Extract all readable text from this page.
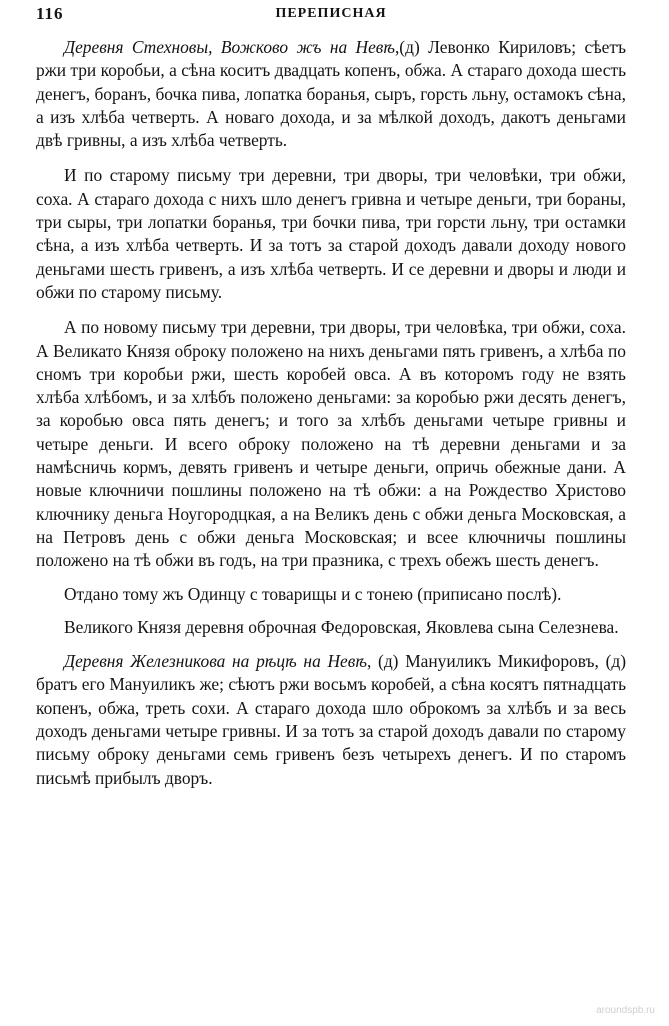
116	ПЕРЕПИСНАЯ

Деревня Стехновы, Вожково жъ на Невѣ,(д) Левонко Кириловъ; сѣетъ ржи три коробьи, а сѣна коситъ двадцать копенъ, обжа. А стараго дохода шесть денегъ, боранъ, бочка пива, лопатка боранья, сыръ, горсть льну, остамокъ сѣна, а изъ хлѣба четверть. А новаго дохода, и за мѣлкой доходъ, дакотъ деньгами двѣ гривны, а изъ хлѣба четверть.

И по старому письму три деревни, три дворы, три человѣки, три обжи, соха. А стараго дохода с нихъ шло денегъ гривна и четыре деньги, три бораны, три сыры, три лопатки боранья, три бочки пива, три горсти льну, три остамки сѣна, а изъ хлѣба четверть. И за тотъ за старой доходъ давали доходу нового деньгами шесть гривенъ, а изъ хлѣба четверть. И се деревни и дворы и люди и обжи по старому письму.

А по новому письму три деревни, три дворы, три человѣка, три обжи, соха. А Великато Князя оброку положено на нихъ деньгами пять гривенъ, а хлѣба по сномъ три коробьи ржи, шесть коробей овса. А въ которомъ году не взять хлѣба хлѣбомъ, и за хлѣбъ положено деньгами: за коробью ржи десять денегъ, за коробью овса пять денегъ; и того за хлѣбъ деньгами четыре гривны и четыре деньги. И всего оброку положено на тѣ деревни деньгами и за намѣсничь кормъ, девять гривенъ и четыре деньги, опричь обежные дани. А новые ключничи пошлины положено на тѣ обжи: а на Рождество Христово ключнику деньга Ноугородцкая, а на Великъ день с обжи деньга Московская, а на Петровъ день с обжи деньга Московская; и всее ключничы пошлины положено на тѣ обжи въ годъ, на три празника, с трехъ обежъ шесть денегъ.

Отдано тому жъ Одинцу с товарищы и с тонею (приписано послѣ).

Великого Князя деревня оброчная Федоровская, Яковлева сына Селезнева.

Деревня Железникова на рѣцѣ на Невѣ, (д) Мануиликъ Микифоровъ, (д) братъ его Мануиликъ же; сѣютъ ржи восьмъ коробей, а сѣна косятъ пятнадцать копенъ, обжа, треть сохи. А стараго дохода шло оброкомъ за хлѣбъ и за весь доходъ деньгами четыре гривны. И за тотъ за старой доходъ давали по старому письму оброку деньгами семь гривенъ безъ четырехъ денегъ. И по старомъ письмѣ прибылъ дворъ.

aroundspb.ru
